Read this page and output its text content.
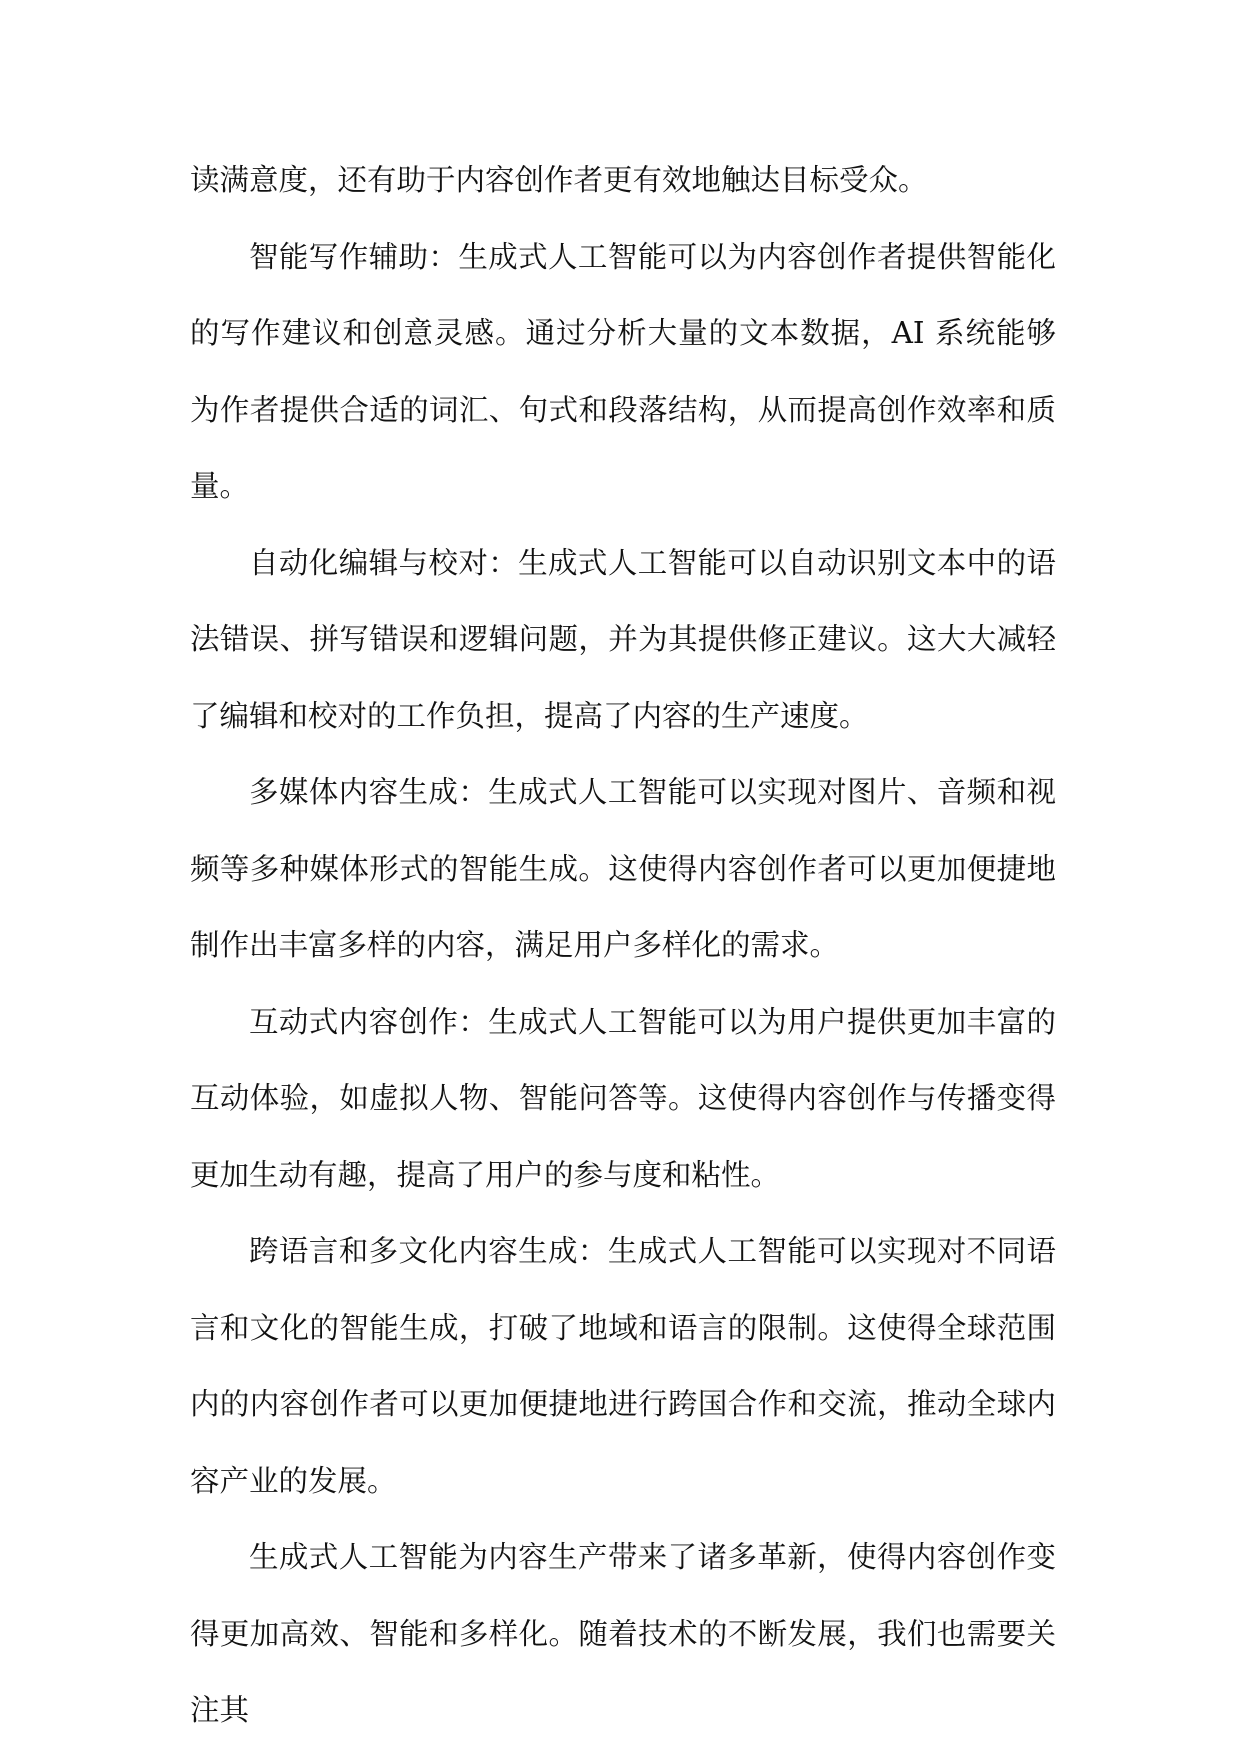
读满意度，还有助于内容创作者更有效地触达目标受众。

智能写作辅助：生成式人工智能可以为内容创作者提供智能化的写作建议和创意灵感。通过分析大量的文本数据，AI 系统能够为作者提供合适的词汇、句式和段落结构，从而提高创作效率和质量。

自动化编辑与校对：生成式人工智能可以自动识别文本中的语法错误、拼写错误和逻辑问题，并为其提供修正建议。这大大减轻了编辑和校对的工作负担，提高了内容的生产速度。

多媒体内容生成：生成式人工智能可以实现对图片、音频和视频等多种媒体形式的智能生成。这使得内容创作者可以更加便捷地制作出丰富多样的内容，满足用户多样化的需求。

互动式内容创作：生成式人工智能可以为用户提供更加丰富的互动体验，如虚拟人物、智能问答等。这使得内容创作与传播变得更加生动有趣，提高了用户的参与度和粘性。

跨语言和多文化内容生成：生成式人工智能可以实现对不同语言和文化的智能生成，打破了地域和语言的限制。这使得全球范围内的内容创作者可以更加便捷地进行跨国合作和交流，推动全球内容产业的发展。

生成式人工智能为内容生产带来了诸多革新，使得内容创作变得更加高效、智能和多样化。随着技术的不断发展，我们也需要关注其
